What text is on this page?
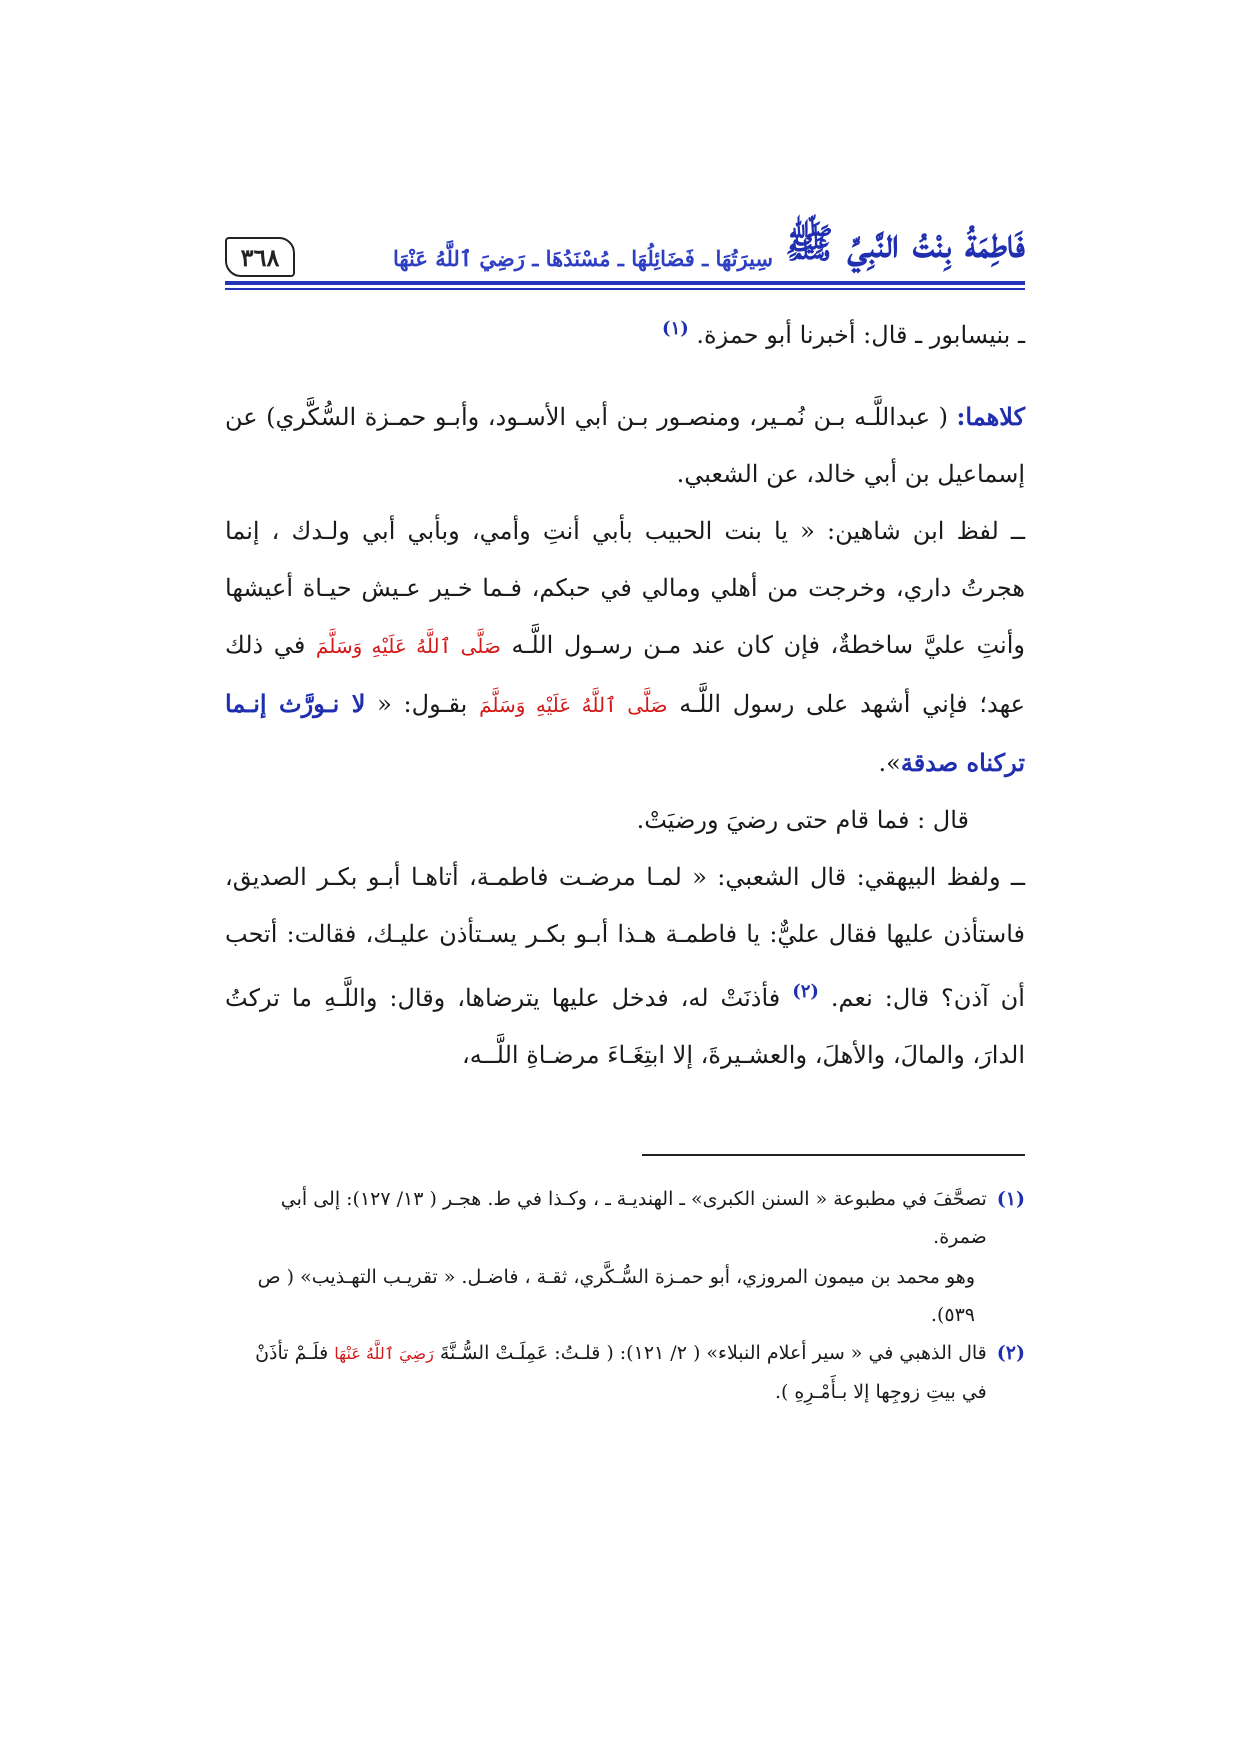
٣٦٨	فَاطِمَةُ بِنْتُ النَّبِيِّ ﷺ
سِيرَتُهَا ـ فَضَائِلُهَا ـ مُسْنَدُهَا ـ رَضِيَ ٱللَّهُ عَنْهَا

ـ بنيسابور ـ قال: أخبرنا أبو حمزة. $^{(١)}$

كلاهما: ( عبداللَّـه بـن نُمـير، ومنصـور بـن أبي الأسـود، وأبـو حمـزة السُّكَّري) عن إسماعيل بن أبي خالد، عن الشعبي.

ــ لفظ ابن شاهين: « يا بنت الحبيب بأبي أنتِ وأمي، وبأبي أبي ولـدك ، إنما هجرتُ داري، وخرجت من أهلي ومالي في حبكم، فـما خـير عـيش حيـاة أعيشها وأنتِ عليَّ ساخطةٌ، فإن كان عند مـن رسـول اللَّـه صَلَّى ٱللَّهُ عَلَيْهِ وَسَلَّمَ في ذلك عهد؛ فإني أشهد على رسول اللَّـه صَلَّى ٱللَّهُ عَلَيْهِ وَسَلَّمَ بقـول: « لا نـورَّث إنـما تركناه صدقة».

قال : فما قام حتى رضيَ ورضيَتْ.

ــ ولفظ البيهقي: قال الشعبي: « لمـا مرضـت فاطمـة، أتاهـا أبـو بكـر الصديق، فاستأذن عليها فقال عليٌّ: يا فاطمـة هـذا أبـو بكـر يسـتأذن عليـك، فقالت: أتحب أن آذن؟ قال: نعم. $^{(٢)}$ فأذنَتْ له، فدخل عليها يترضاها، وقال: واللَّـهِ ما تركتُ الدارَ، والمالَ، والأهلَ، والعشـيرةَ، إلا ابتِغَـاءَ مرضـاةِ اللَّــه،

(١)
تصحَّفَ في مطبوعة « السنن الكبرى» ـ الهنديـة ـ ، وكـذا في ط. هجـر ( ١٣/ ١٢٧): إلى أبي ضمرة.
وهو محمد بن ميمون المروزي، أبو حمـزة السُّـكَّري، ثقـة ، فاضـل. « تقريـب التهـذيب» ( ص ٥٣٩).
(٢)
قال الذهبي في « سير أعلام النبلاء» ( ٢/ ١٢١): ( قلـتُ: عَمِلَـتْ السُّـنَّةَ رَضِيَ ٱللَّهُ عَنْهَا فلَـمْ تأذَنْ في بيتِ زوجِها إلا بـأَمْـرِهِ ).
